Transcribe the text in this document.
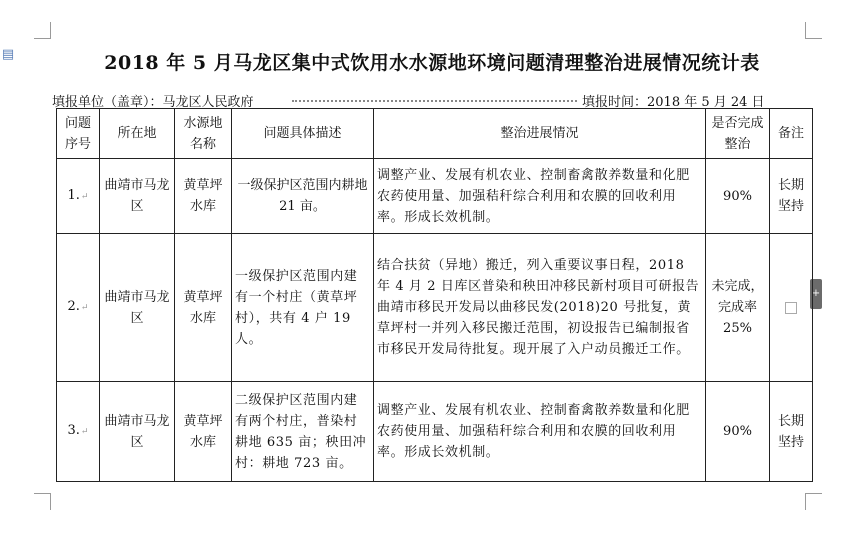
▤
+
2018 年 5 月马龙区集中式饮用水水源地环境问题清理整治进展情况统计表
填报单位（盖章）：马龙区人民政府	填报时间：2018 年 5 月 24 日
问题序号	所在地	水源地名称	问题具体描述	整治进展情况	是否完成整治	备注
1.↵	曲靖市马龙区	黄草坪水库	一级保护区范围内耕地 21 亩。	调整产业、发展有机农业、控制畜禽散养数量和化肥农药使用量、加强秸秆综合利用和农膜的回收利用率。形成长效机制。	90%	长期坚持
2.↵	曲靖市马龙区	黄草坪水库	一级保护区范围内建有一个村庄（黄草坪村），共有 4 户 19 人。	结合扶贫（异地）搬迁，列入重要议事日程，2018 年 4 月 2 日库区普染和秧田冲移民新村项目可研报告曲靖市移民开发局以曲移民发(2018)20 号批复，黄草坪村一并列入移民搬迁范围，初设报告已编制报省市移民开发局待批复。现开展了入户动员搬迁工作。	未完成，完成率 25%	
3.↵	曲靖市马龙区	黄草坪水库	二级保护区范围内建有两个村庄，普染村耕地 635 亩；秧田冲村：耕地 723 亩。	调整产业、发展有机农业、控制畜禽散养数量和化肥农药使用量、加强秸秆综合利用和农膜的回收利用率。形成长效机制。	90%	长期坚持
